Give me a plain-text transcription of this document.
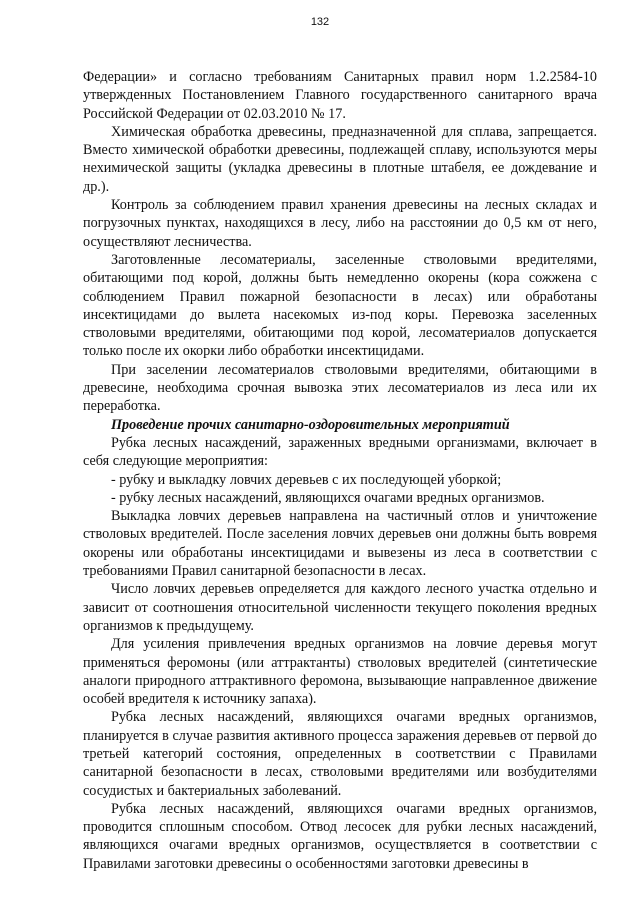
132

Федерации» и согласно требованиям Санитарных правил норм 1.2.2584-10 утвержденных Постановлением Главного государственного санитарного врача Российской Федерации от 02.03.2010 № 17.

Химическая обработка древесины, предназначенной для сплава, запрещается. Вместо химической обработки древесины, подлежащей сплаву, используются меры нехимической защиты (укладка древесины в плотные штабеля, ее дождевание и др.).

Контроль за соблюдением правил хранения древесины на лесных складах и погрузочных пунктах, находящихся в лесу, либо на расстоянии до 0,5 км от него, осуществляют лесничества.

Заготовленные лесоматериалы, заселенные стволовыми вредителями, обитающими под корой, должны быть немедленно окорены (кора сожжена с соблюдением Правил пожарной безопасности в лесах) или обработаны инсектицидами до вылета насекомых из-под коры. Перевозка заселенных стволовыми вредителями, обитающими под корой, лесоматериалов допускается только после их окорки либо обработки инсектицидами.

При заселении лесоматериалов стволовыми вредителями, обитающими в древесине, необходима срочная вывозка этих лесоматериалов из леса или их переработка.

Проведение прочих санитарно-оздоровительных мероприятий

Рубка лесных насаждений, зараженных вредными организмами, включает в себя следующие мероприятия:

- рубку и выкладку ловчих деревьев с их последующей уборкой;

- рубку лесных насаждений, являющихся очагами вредных организмов.

Выкладка ловчих деревьев направлена на частичный отлов и уничтожение стволовых вредителей. После заселения ловчих деревьев они должны быть вовремя окорены или обработаны инсектицидами и вывезены из леса в соответствии с требованиями Правил санитарной безопасности в лесах.

Число ловчих деревьев определяется для каждого лесного участка отдельно и зависит от соотношения относительной численности текущего поколения вредных организмов к предыдущему.

Для усиления привлечения вредных организмов на ловчие деревья могут применяться феромоны (или аттрактанты) стволовых вредителей (синтетические аналоги природного аттрактивного феромона, вызывающие направленное движение особей вредителя к источнику запаха).

Рубка лесных насаждений, являющихся очагами вредных организмов, планируется в случае развития активного процесса заражения деревьев от первой до третьей категорий состояния, определенных в соответствии с Правилами санитарной безопасности в лесах, стволовыми вредителями или возбудителями сосудистых и бактериальных заболеваний.

Рубка лесных насаждений, являющихся очагами вредных организмов, проводится сплошным способом. Отвод лесосек для рубки лесных насаждений, являющихся очагами вредных организмов, осуществляется в соответствии с Правилами заготовки древесины о особенностями заготовки древесины в
